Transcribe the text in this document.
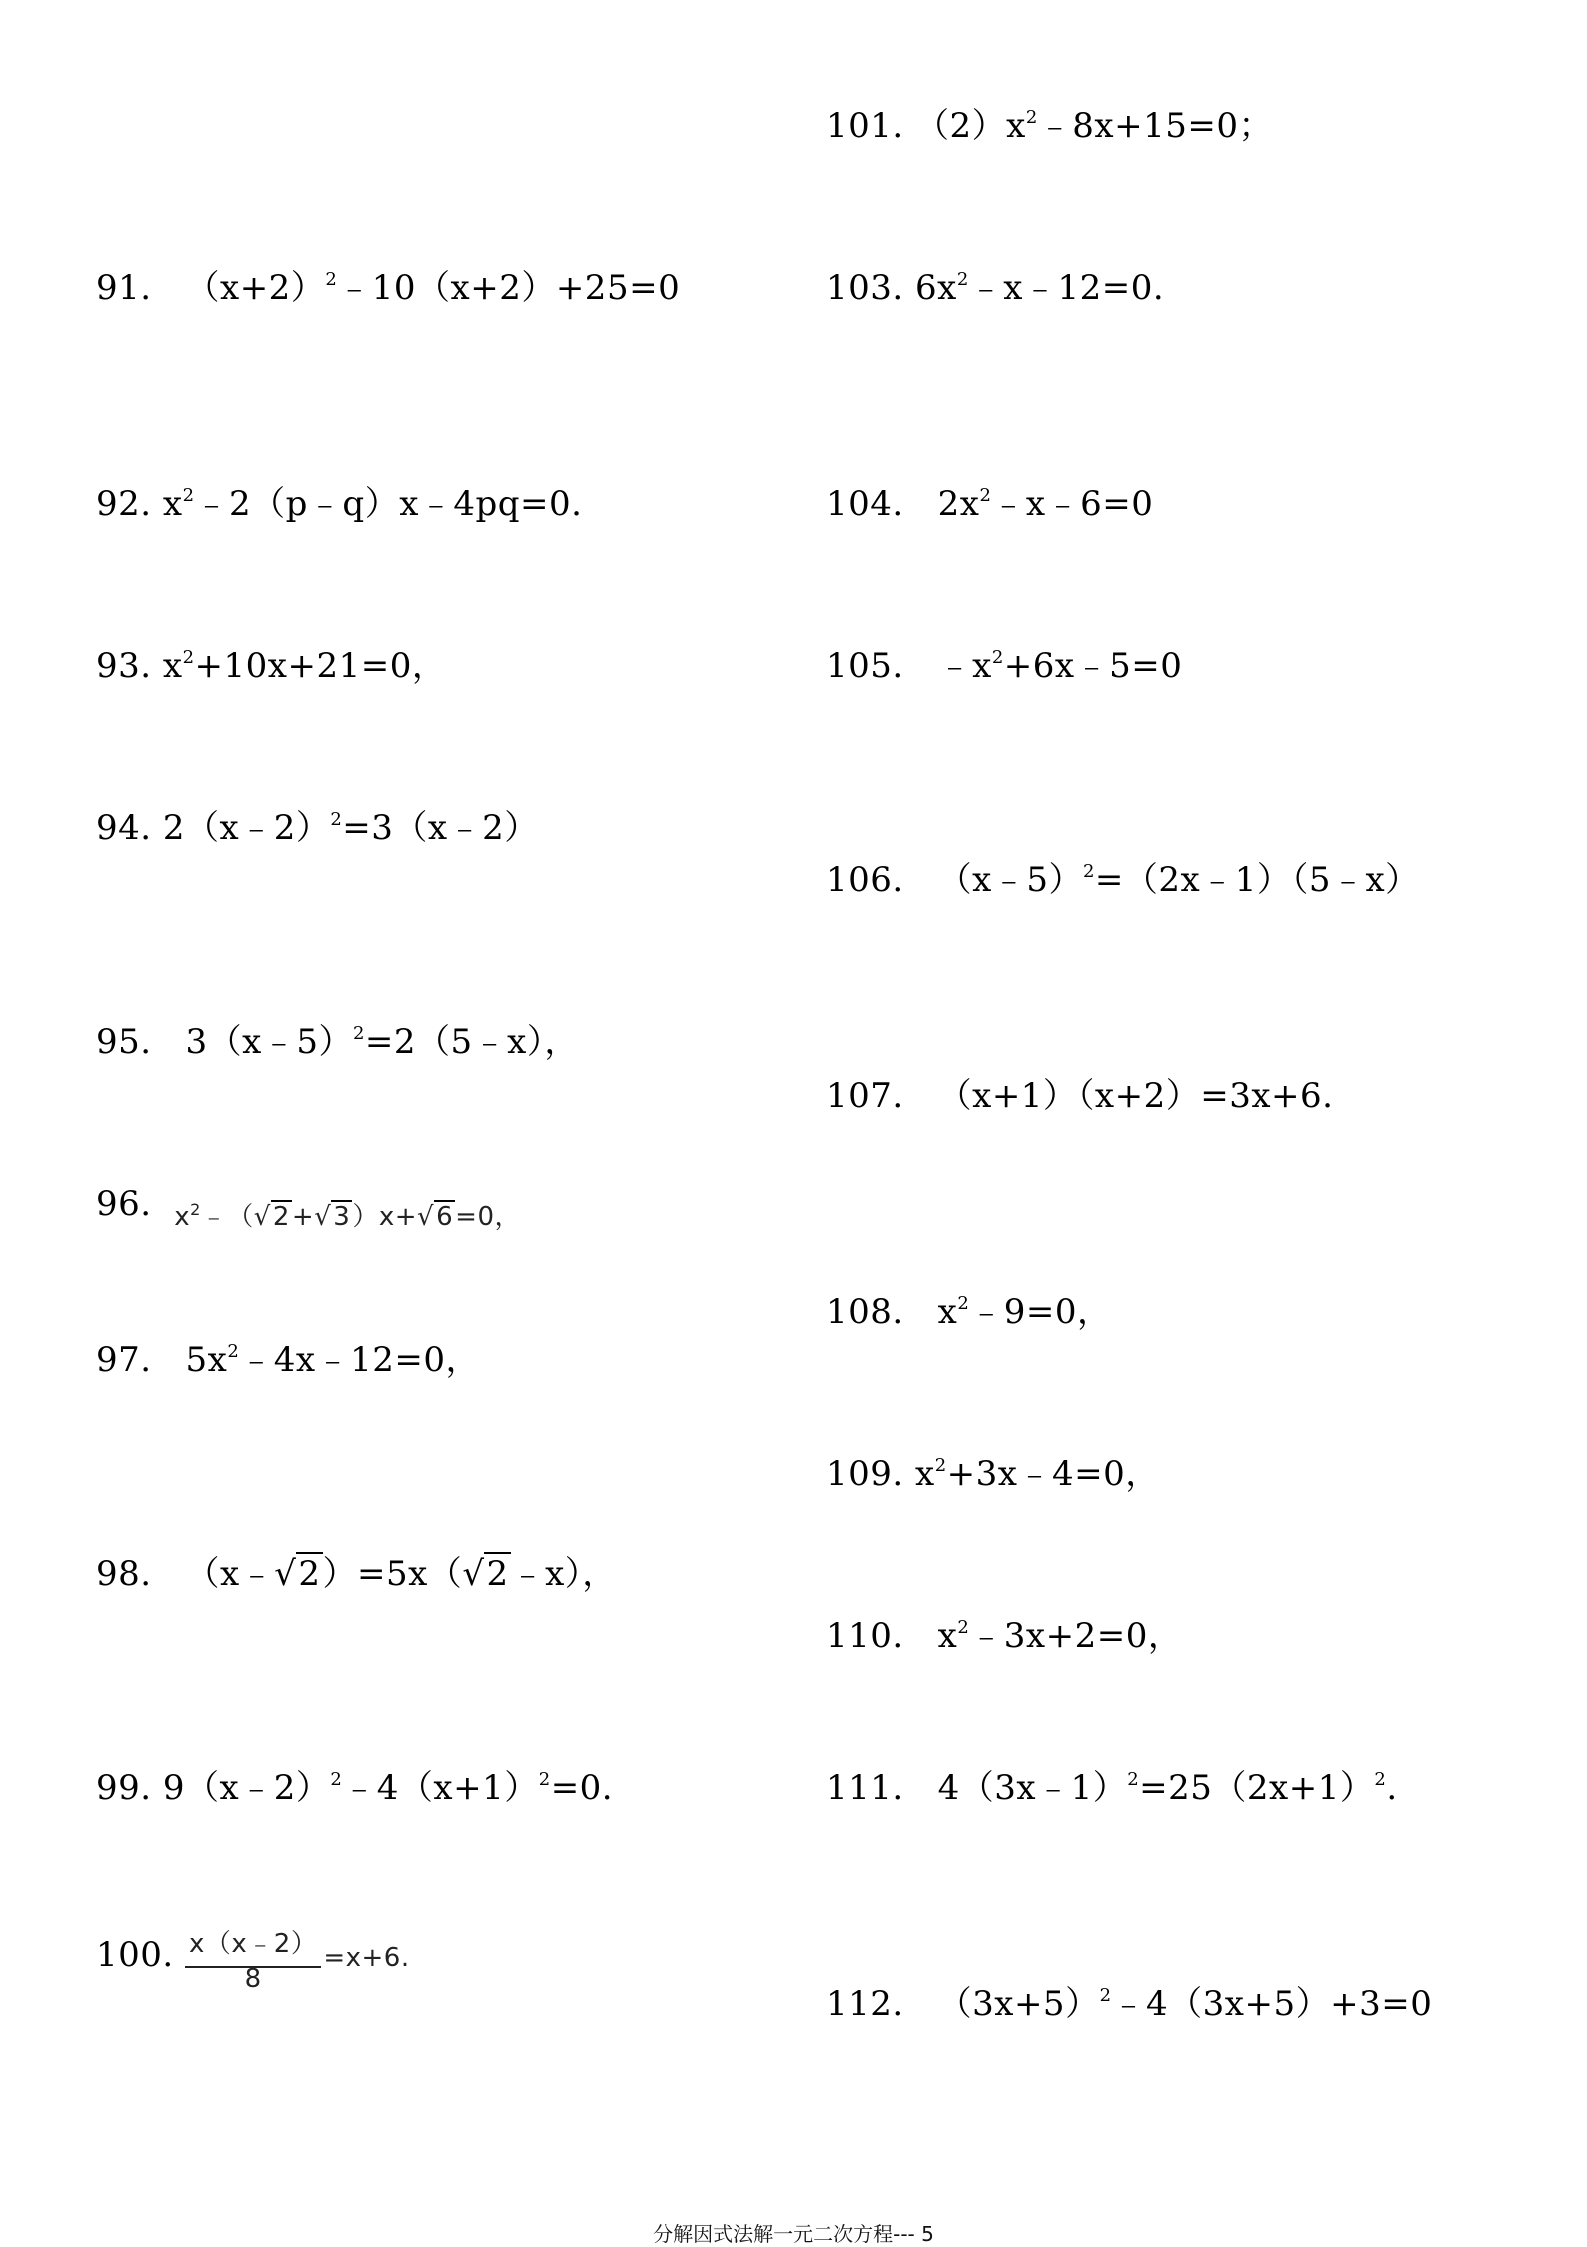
91. $(x+2)^2﹣10(x+2)+25=0$
92. $x^2﹣2(p﹣q)x﹣4pq=0$.
93. $x^2+10x+21=0$，
94. 2（x﹣2）$^2$=3（x﹣2）
95. 3（x﹣5）$^2$=2（5﹣x），
96. $_{x^2﹣(√2+√3)x+√6=0,}$
97. $5x^2﹣4x﹣12=0$，
98. （x﹣√2）=5x（√2﹣x），
99. $9(x﹣2)^2﹣4(x+1)^2=0$.
100. $\frac{x(x﹣2)}{8} =x+6$.
101. $(2)x^2﹣8x+15=0$；
103. $6x^2﹣x﹣12=0$.
104. $2x^2﹣x﹣6=0$
105. $﹣x^2+6x﹣5=0$
106. （x﹣5）$^2$=（2x﹣1）（5﹣x）
107. （x+1）（x+2）=3x+6.
108. $x^2﹣9=0$，
109. $x^2+3x﹣4=0$，
110. $x^2﹣3x+2=0$，
111. $4(3x﹣1)^2=25(2x+1)^2$.
112. $(3x+5)^2﹣4(3x+5)+3=0$
分解因式法解一元二次方程--- 5
